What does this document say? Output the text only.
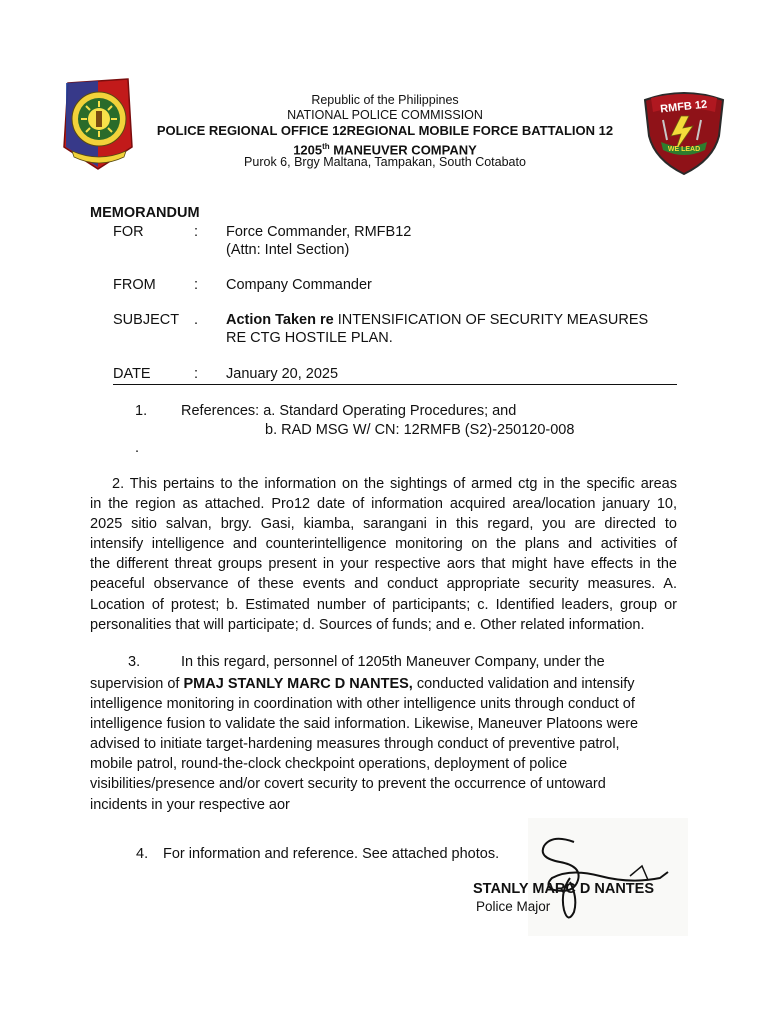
RMFB 12
WE LEAD
Republic of the Philippines
NATIONAL POLICE COMMISSION
POLICE REGIONAL OFFICE 12REGIONAL MOBILE FORCE BATTALION 12
1205th MANEUVER COMPANY
Purok 6, Brgy Maltana, Tampakan, South Cotabato
MEMORANDUM
FOR	: Force Commander, RMFB12
(Attn: Intel Section)
FROM	: Company Commander
SUBJECT . Action Taken re INTENSIFICATION OF SECURITY MEASURES
RE CTG HOSTILE PLAN.
DATE	: January 20, 2025
1. References: a. Standard Operating Procedures; and
b. RAD MSG W/ CN: 12RMFB (S2)-250120-008
.
2. This pertains to the information on the sightings of armed ctg in the specific areas
in the region as attached. Pro12 date of information acquired area/location january 10,
2025 sitio salvan, brgy. Gasi, kiamba, sarangani in this regard, you are directed to
intensify intelligence and counterintelligence monitoring on the plans and activities of
the different threat groups present in your respective aors that might have effects in the
peaceful observance of these events and conduct appropriate security measures. A.
Location of protest; b. Estimated number of participants; c. Identified leaders, group or
personalities that will participate; d. Sources of funds; and e. Other related information.
3.	In this regard, personnel of 1205th Maneuver Company, under the
supervision of PMAJ STANLY MARC D NANTES, conducted validation and intensify
intelligence monitoring in coordination with other intelligence units through conduct of
intelligence fusion to validate the said information. Likewise, Maneuver Platoons were
advised to initiate target-hardening measures through conduct of preventive patrol,
mobile patrol, round-the-clock checkpoint operations, deployment of police
visibilities/presence and/or covert security to prevent the occurrence of untoward
incidents in your respective aor
4. For information and reference. See attached photos.
STANLY MARC D NANTES
Police Major
